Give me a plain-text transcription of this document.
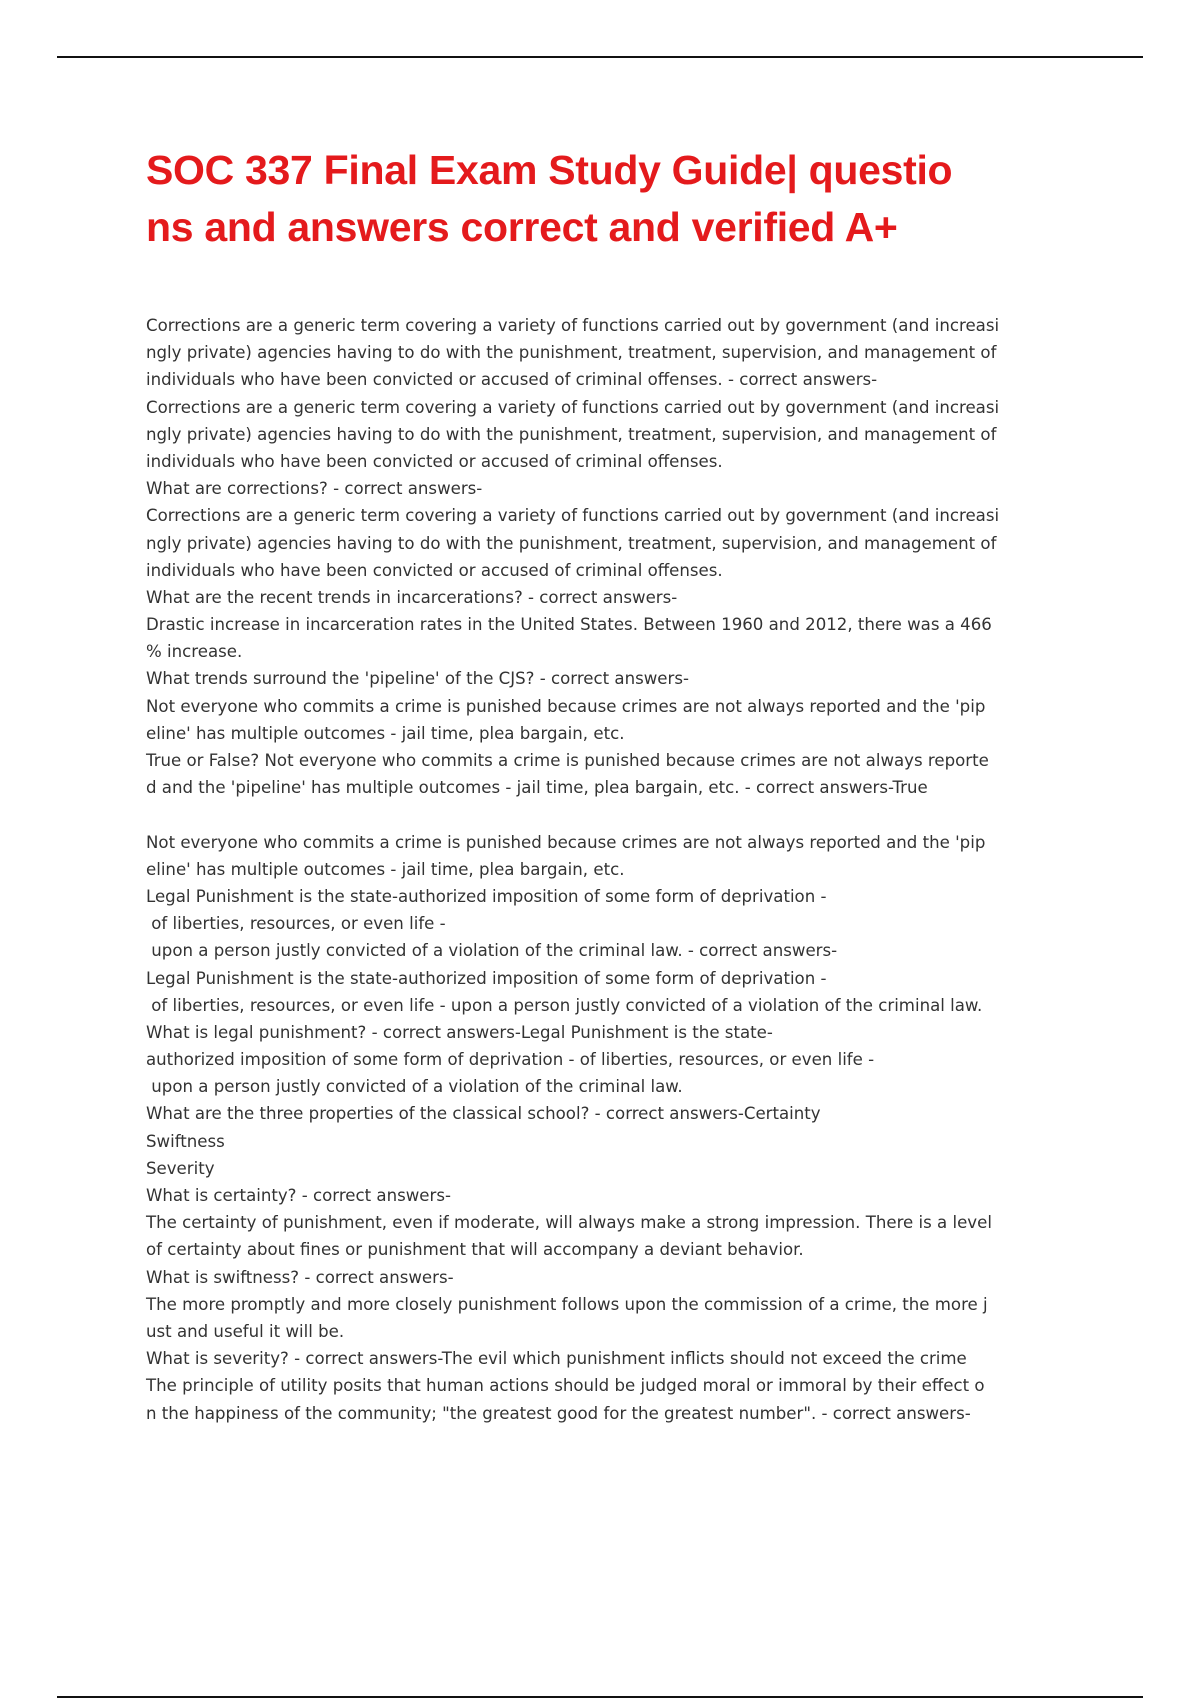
SOC 337 Final Exam Study Guide| questio
ns and answers correct and verified A+
Corrections are a generic term covering a variety of functions carried out by government (and increasi
ngly private) agencies having to do with the punishment, treatment, supervision, and management of
individuals who have been convicted or accused of criminal offenses. - correct answers-
Corrections are a generic term covering a variety of functions carried out by government (and increasi
ngly private) agencies having to do with the punishment, treatment, supervision, and management of
individuals who have been convicted or accused of criminal offenses.
What are corrections? - correct answers-
Corrections are a generic term covering a variety of functions carried out by government (and increasi
ngly private) agencies having to do with the punishment, treatment, supervision, and management of
individuals who have been convicted or accused of criminal offenses.
What are the recent trends in incarcerations? - correct answers-
Drastic increase in incarceration rates in the United States. Between 1960 and 2012, there was a 466
% increase.
What trends surround the 'pipeline' of the CJS? - correct answers-
Not everyone who commits a crime is punished because crimes are not always reported and the 'pip
eline' has multiple outcomes - jail time, plea bargain, etc.
True or False? Not everyone who commits a crime is punished because crimes are not always reporte
d and the 'pipeline' has multiple outcomes - jail time, plea bargain, etc. - correct answers-True
Not everyone who commits a crime is punished because crimes are not always reported and the 'pip
eline' has multiple outcomes - jail time, plea bargain, etc.
Legal Punishment is the state-authorized imposition of some form of deprivation -
of liberties, resources, or even life -
upon a person justly convicted of a violation of the criminal law. - correct answers-
Legal Punishment is the state-authorized imposition of some form of deprivation -
of liberties, resources, or even life - upon a person justly convicted of a violation of the criminal law.
What is legal punishment? - correct answers-Legal Punishment is the state-
authorized imposition of some form of deprivation - of liberties, resources, or even life -
upon a person justly convicted of a violation of the criminal law.
What are the three properties of the classical school? - correct answers-Certainty
Swiftness
Severity
What is certainty? - correct answers-
The certainty of punishment, even if moderate, will always make a strong impression. There is a level
of certainty about fines or punishment that will accompany a deviant behavior.
What is swiftness? - correct answers-
The more promptly and more closely punishment follows upon the commission of a crime, the more j
ust and useful it will be.
What is severity? - correct answers-The evil which punishment inflicts should not exceed the crime
The principle of utility posits that human actions should be judged moral or immoral by their effect o
n the happiness of the community; "the greatest good for the greatest number". - correct answers-
